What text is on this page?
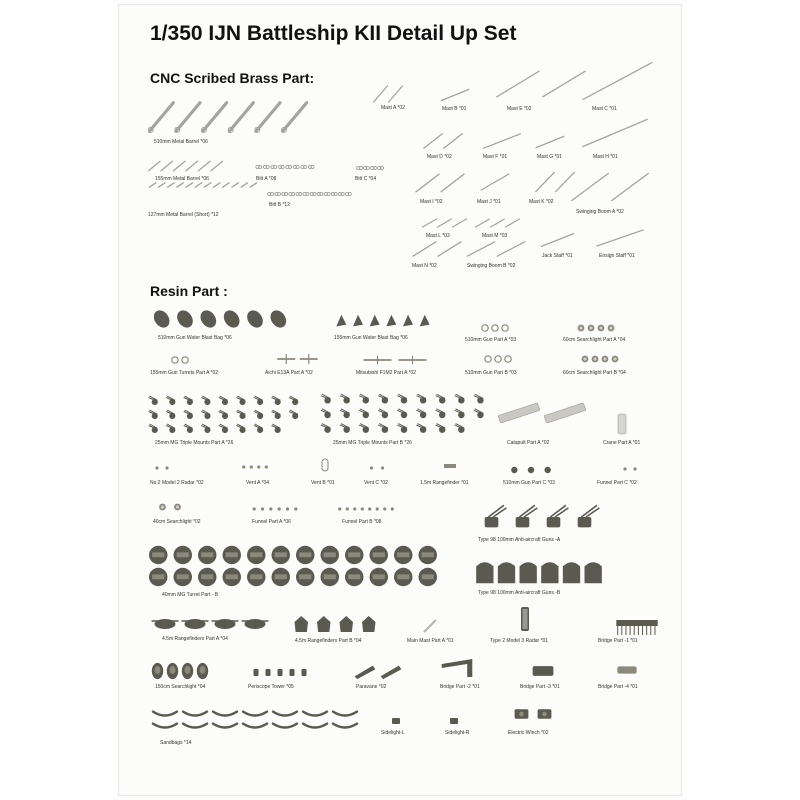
1/350 IJN Battleship KII Detail Up Set
CNC Scribed Brass Part:
Resin Part :
510mm Metal Barrel *06
155mm Metal Barrel *06
127mm Metal Barrel (Short) *12
Bitt A *08
Bitt B *12
Bitt C *04
Mast A *02	Mast B *01	Mast E *02	Mast C *01
Mast D *02	Mast F *01	Mast G *01	Mast H *01
Mast I *02	Mast J *01	Mast K *02
Swinging Boom A *02
Mast L *03	Mast M *03
Mast N *02	Swinging Boom B *02
Jack Staff *01	Ensign Staff *01
510mm Gun Water Blast Bag *06	155mm Gun Water Blast Bag *06	510mm Gun Part A *03	60cm Searchlight Part A *04
155mm Gun Turrets Part A *02	Aichi E13A Part A *02	Mitsubishi F1M2 Part A *02	510mm Gun Part B *03	60cm Searchlight Part B *04
25mm MG Triple Mounts Part A *26	25mm MG Triple Mounts Part B *26	Catapult Part A *02	Crane Part A *01
No.2 Model 2 Radar *02	Vent A *04	Vent B *01	Vent C *02	1.5m Rangefinder *01	510mm Gun Part C *03	Funnel Part C *02
40cm Searchlight *02	Funnel Part A *06	Funnel Part B *08
Type 98 100mm Anti-aircraft Guns -A
40mm MG Turret Part - B	Type 98 100mm Anti-aircraft Guns -B
4.5m Rangefinders Part A *04	4.5m Rangefinders Part B *04	Main Mast Part A *01	Type 2 Model 3 Radar *01	Bridge Part -1 *01
150cm Searchlight *04	Periscope Tower *05	Paravane *02	Bridge Part -2 *01	Bridge Part -3 *01	Bridge Part -4 *01
Sandbags *14
Sidelight-L	Sidelight-R	Electric Winch *02
